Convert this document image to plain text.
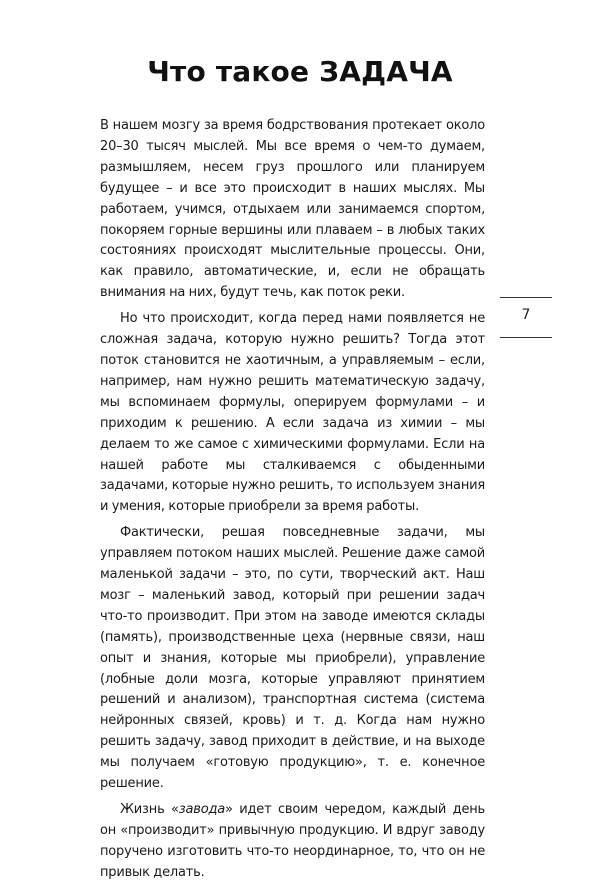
Что такое ЗАДАЧА

В нашем мозгу за время бодрствования протекает около 20–30 тысяч мыслей. Мы все время о чем-то думаем, размышляем, несем груз прошлого или планируем будущее – и все это происходит в наших мыслях. Мы работаем, учимся, отдыхаем или занимаемся спортом, покоряем горные вершины или плаваем – в любых таких состояниях происходят мыслительные процессы. Они, как правило, автоматические, и, если не обращать внимания на них, будут течь, как поток реки.

Но что происходит, когда перед нами появляется не сложная задача, которую нужно решить? Тогда этот поток становится не хаотичным, а управляемым – если, например, нам нужно решить математическую задачу, мы вспоминаем формулы, оперируем формулами – и приходим к решению. А если задача из химии – мы делаем то же самое с химическими формулами. Если на нашей работе мы сталкиваемся с обыденными задачами, которые нужно решить, то используем знания и умения, которые приобрели за время работы.

Фактически, решая повседневные задачи, мы управляем потоком наших мыслей. Решение даже самой маленькой задачи – это, по сути, творческий акт. Наш мозг – маленький завод, который при решении задач что-то производит. При этом на заводе имеются склады (память), производственные цеха (нервные связи, наш опыт и знания, которые мы приобрели), управление (лобные доли мозга, которые управляют принятием решений и анализом), транспортная система (система нейронных связей, кровь) и т. д. Когда нам нужно решить задачу, завод приходит в действие, и на выходе мы получаем «готовую продукцию», т. е. конечное решение.

Жизнь «завода» идет своим чередом, каждый день он «производит» привычную продукцию. И вдруг заводу поручено изготовить что-то неординарное, то, что он не привык делать.

7
